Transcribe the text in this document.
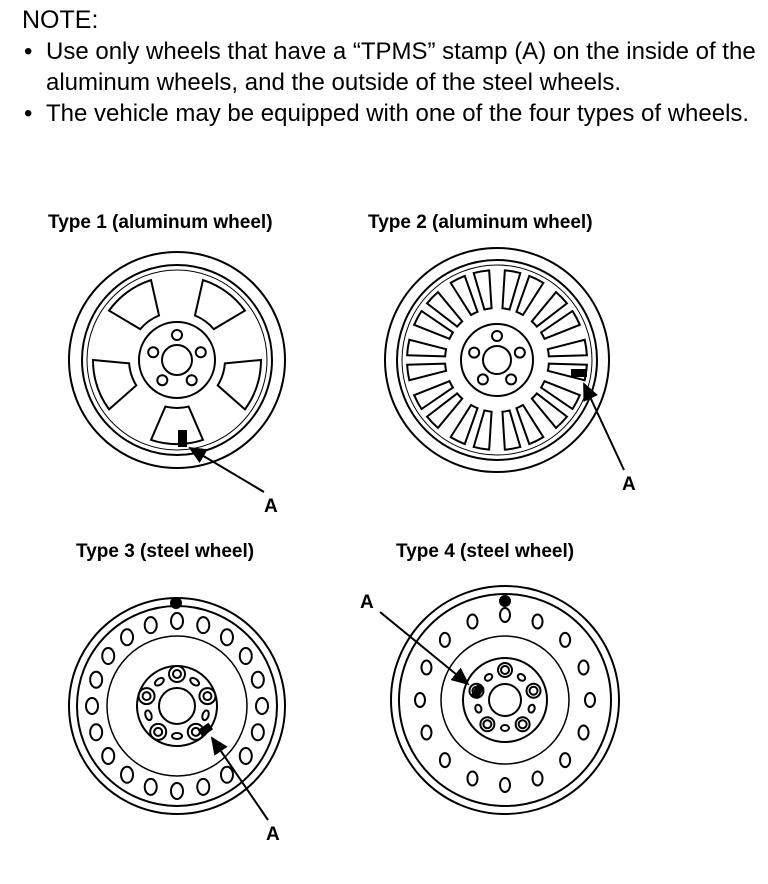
NOTE:

• Use only wheels that have a “TPMS” stamp (A) on the inside of the aluminum wheels, and the outside of the steel wheels.

• The vehicle may be equipped with one of the four types of wheels.

Type 1 (aluminum wheel)	Type 2 (aluminum wheel)
Type 3 (steel wheel)	Type 4 (steel wheel)
A
A
A
A
